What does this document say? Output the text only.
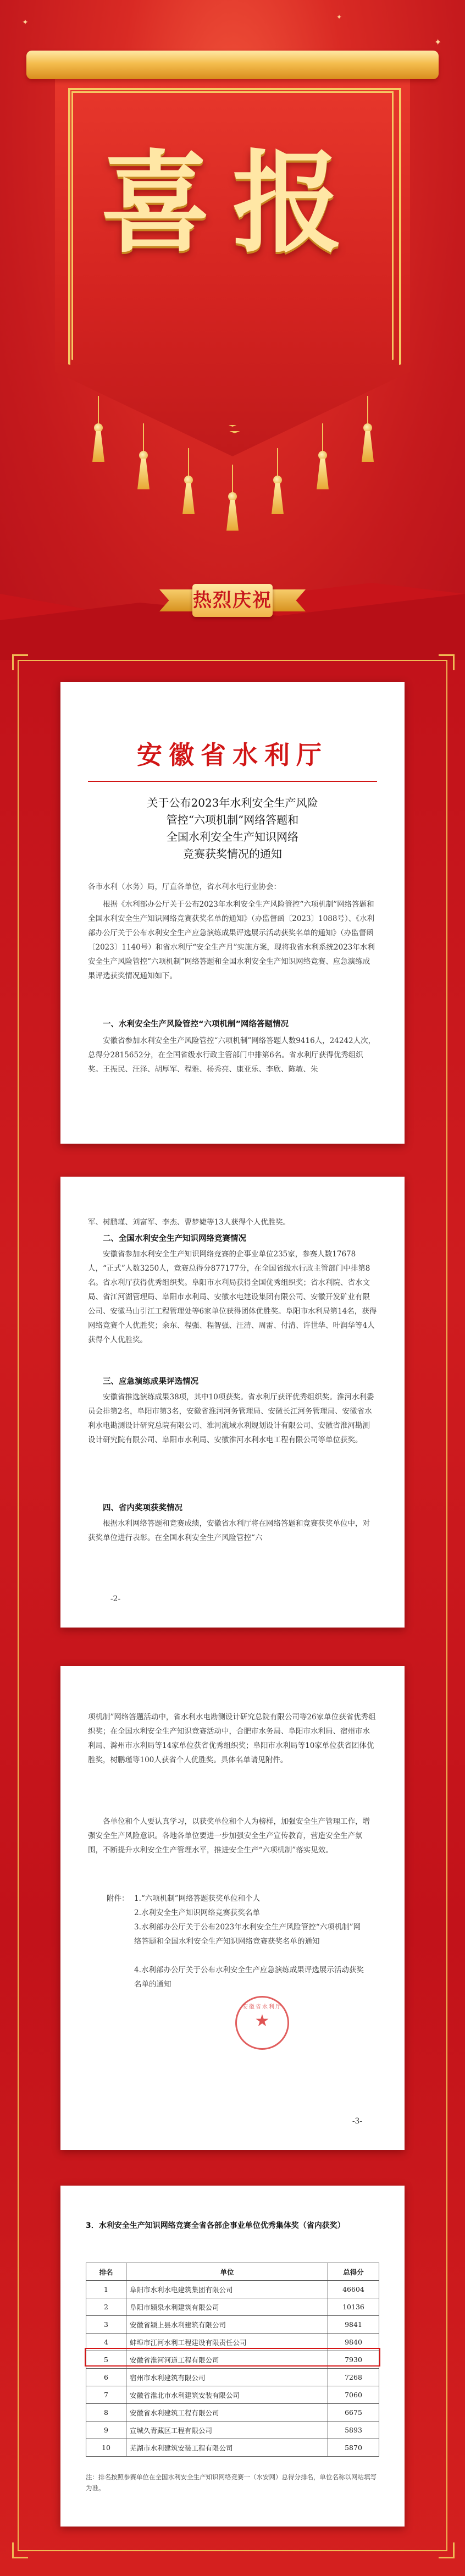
✦
✦
✦
喜报
热烈庆祝
安徽省水利厅
关于公布2023年水利安全生产风险
管控“六项机制”网络答题和
全国水利安全生产知识网络
竞赛获奖情况的通知
各市水利（水务）局，厅直各单位，省水利水电行业协会：
根据《水利部办公厅关于公布2023年水利安全生产风险管控“六项机制”网络答题和全国水利安全生产知识网络竞赛获奖名单的通知》（办监督函〔2023〕1088号）、《水利部办公厅关于公布水利安全生产应急演练成果评选展示活动获奖名单的通知》（办监督函〔2023〕1140号）和省水利厅“安全生产月”实施方案，现将我省水利系统2023年水利安全生产风险管控“六项机制”网络答题和全国水利安全生产知识网络竞赛、应急演练成果评选获奖情况通知如下。
一、水利安全生产风险管控“六项机制”网络答题情况
安徽省参加水利安全生产风险管控“六项机制”网络答题人数9416人，24242人次，总得分2815652分，在全国省级水行政主管部门中排第6名。省水利厅获得优秀组织奖。王振民、汪泽、胡厚军、程雅、杨秀亮、康亚乐、李欣、陈敏、朱
军、树鹏瑾、刘富军、李杰、曹梦婕等13人获得个人优胜奖。
二、全国水利安全生产知识网络竞赛情况
安徽省参加水利安全生产知识网络竞赛的企事业单位235家，参赛人数17678人，“正式”人数3250人，竞赛总得分877177分，在全国省级水行政主管部门中排第8名。省水利厅获得优秀组织奖。阜阳市水利局获得全国优秀组织奖；省水利院、省水文局、省江河湖管理局、阜阳市水利局、安徽水电建设集团有限公司、安徽开发矿业有限公司、安徽马山引江工程管理处等6家单位获得团体优胜奖。阜阳市水利局第14名，获得网络竞赛个人优胜奖；余东、程强、程智强、汪清、周雷、付清、许世华、叶润华等4人获得个人优胜奖。
三、应急演练成果评选情况
安徽省推选演练成果38项，其中10项获奖。省水利厅获评优秀组织奖。淮河水利委员会排第2名，阜阳市第3名，安徽省淮河河务管理局、安徽长江河务管理局、安徽省水利水电勘测设计研究总院有限公司、淮河流域水利规划设计有限公司、安徽省淮河勘测设计研究院有限公司、阜阳市水利局、安徽淮河水利水电工程有限公司等单位获奖。
四、省内奖项获奖情况
根据水利网络答题和竞赛成绩，安徽省水利厅将在网络答题和竞赛获奖单位中，对获奖单位进行表彰。在全国水利安全生产风险管控“六
-2-
项机制”网络答题活动中，省水利水电勘测设计研究总院有限公司等26家单位获省优秀组织奖；在全国水利安全生产知识竞赛活动中，合肥市水务局、阜阳市水利局、宿州市水利局、滁州市水利局等14家单位获省优秀组织奖；阜阳市水利局等10家单位获省团体优胜奖，树鹏瑾等100人获省个人优胜奖。具体名单请见附件。
各单位和个人要认真学习，以获奖单位和个人为榜样，加强安全生产管理工作，增强安全生产风险意识。各地各单位要进一步加强安全生产宣传教育，营造安全生产氛围，不断提升水利安全生产管理水平，推进安全生产“六项机制”落实见效。
附件： 1.“六项机制”网络答题获奖单位和个人
2.水利安全生产知识网络竞赛获奖名单
3.水利部办公厅关于公布2023年水利安全生产风险管控“六项机制”网络答题和全国水利安全生产知识网络竞赛获奖名单的通知
4.水利部办公厅关于公布水利安全生产应急演练成果评选展示活动获奖名单的通知
安徽省水利厅
★
-3-
3．水利安全生产知识网络竞赛全省各部企事业单位优秀集体奖（省内获奖）
排名	单位	总得分
1	阜阳市水利水电建筑集团有限公司	46604
2	阜阳市颍泉水利建筑有限公司	10136
3	安徽省颍上县水利建筑有限公司	9841
4	蚌埠市江河水利工程建设有限责任公司	9840
5	安徽省淮河河道工程有限公司	7930
6	宿州市水利建筑有限公司	7268
7	安徽省淮北市水利建筑安装有限公司	7060
8	安徽省水利建筑工程有限公司	6675
9	宣城久青藏区工程有限公司	5893
10	芜湖市水利建筑安装工程有限公司	5870
注：排名按照参赛单位在全国水利安全生产知识网络竞赛一（水安网）总得分排名，单位名称以网站填写为准。
